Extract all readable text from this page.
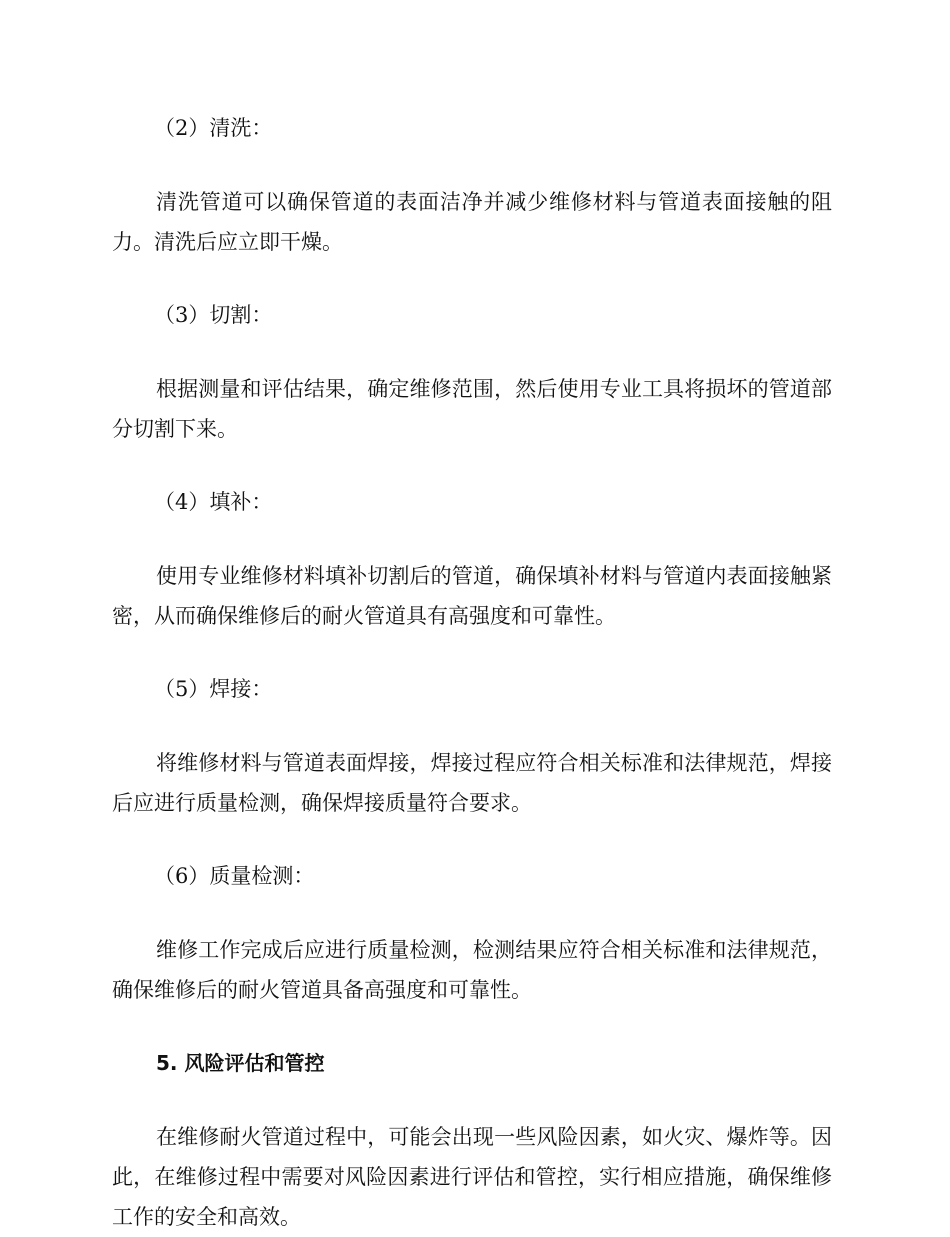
（2）清洗：

清洗管道可以确保管道的表面洁净并减少维修材料与管道表面接触的阻力。清洗后应立即干燥。

（3）切割：

根据测量和评估结果，确定维修范围，然后使用专业工具将损坏的管道部分切割下来。

（4）填补：

使用专业维修材料填补切割后的管道，确保填补材料与管道内表面接触紧密，从而确保维修后的耐火管道具有高强度和可靠性。

（5）焊接：

将维修材料与管道表面焊接，焊接过程应符合相关标准和法律规范，焊接后应进行质量检测，确保焊接质量符合要求。

（6）质量检测：

维修工作完成后应进行质量检测，检测结果应符合相关标准和法律规范，确保维修后的耐火管道具备高强度和可靠性。

5. 风险评估和管控

在维修耐火管道过程中，可能会出现一些风险因素，如火灾、爆炸等。因此，在维修过程中需要对风险因素进行评估和管控，实行相应措施，确保维修工作的安全和高效。
